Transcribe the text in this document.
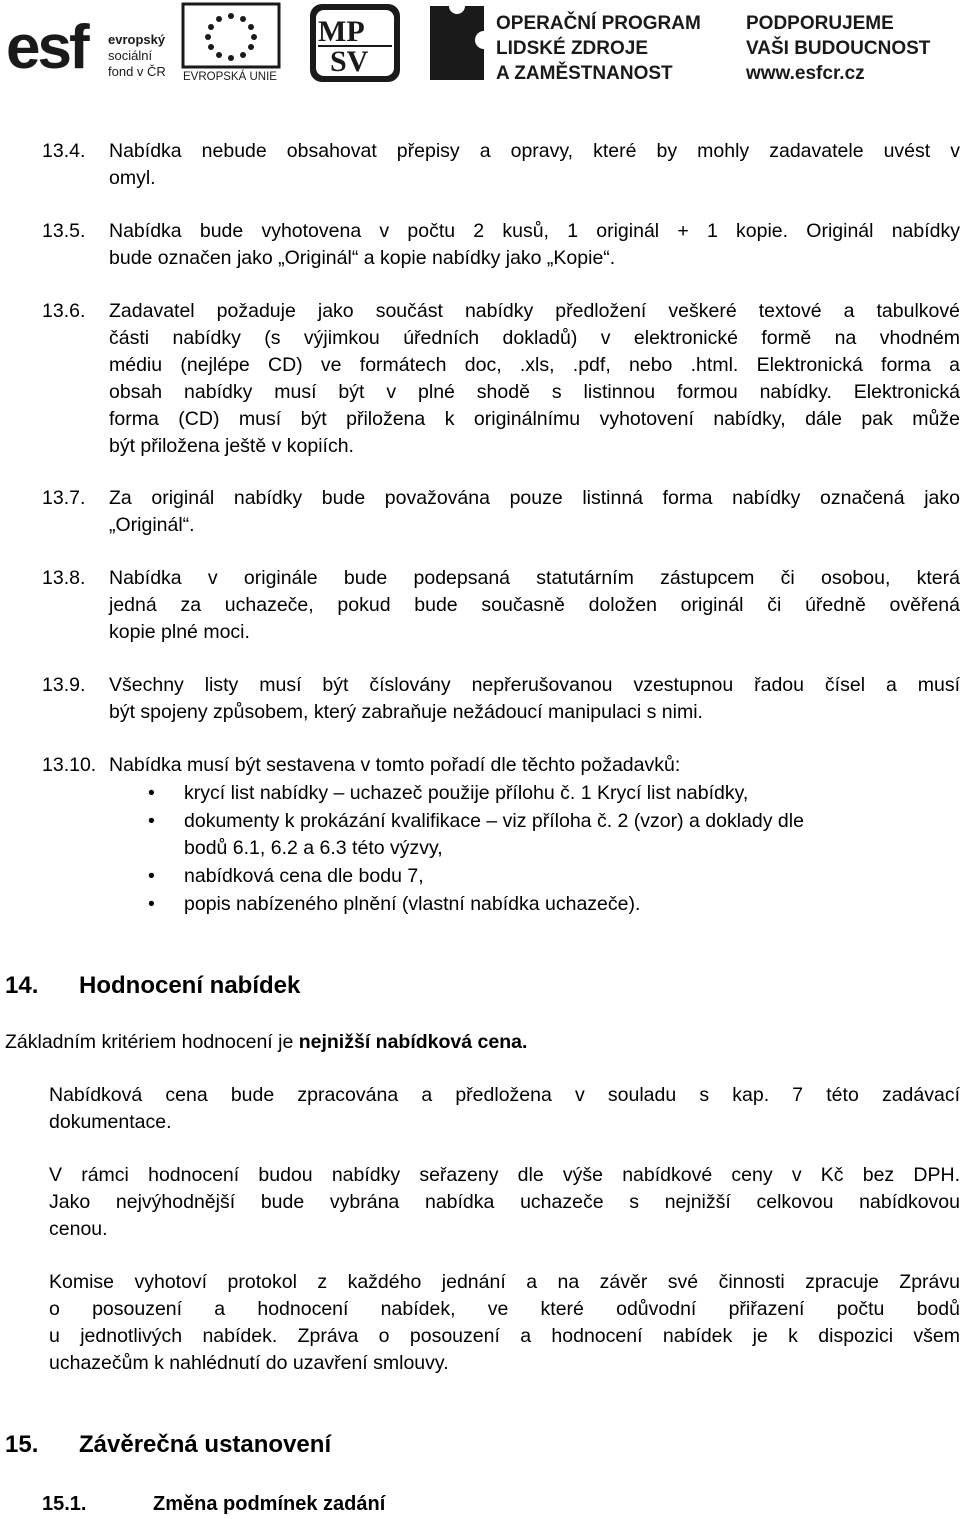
esf evropský
sociální
fond v ČR EVROPSKÁ UNIE
MP
SV
OPERAČNÍ PROGRAM
LIDSKÉ ZDROJE
A ZAMĚSTNANOST
PODPORUJEME
VAŠI BUDOUCNOST
www.esfcr.cz
13.4. Nabídka nebude obsahovat přepisy a opravy, které by mohly zadavatele uvést v
omyl.
13.5. Nabídka bude vyhotovena v počtu 2 kusů, 1 originál + 1 kopie. Originál nabídky
bude označen jako „Originál“ a kopie nabídky jako „Kopie“.
13.6. Zadavatel požaduje jako součást nabídky předložení veškeré textové a tabulkové
části nabídky (s výjimkou úředních dokladů) v elektronické formě na vhodném
médiu (nejlépe CD) ve formátech doc, .xls, .pdf, nebo .html. Elektronická forma a
obsah nabídky musí být v plné shodě s listinnou formou nabídky. Elektronická
forma (CD) musí být přiložena k originálnímu vyhotovení nabídky, dále pak může
být přiložena ještě v kopiích.
13.7. Za originál nabídky bude považována pouze listinná forma nabídky označená jako
„Originál“.
13.8. Nabídka v originále bude podepsaná statutárním zástupcem či osobou, která
jedná za uchazeče, pokud bude současně doložen originál či úředně ověřená
kopie plné moci.
13.9. Všechny listy musí být číslovány nepřerušovanou vzestupnou řadou čísel a musí
být spojeny způsobem, který zabraňuje nežádoucí manipulaci s nimi.
13.10. Nabídka musí být sestavena v tomto pořadí dle těchto požadavků:
• krycí list nabídky – uchazeč použije přílohu č. 1 Krycí list nabídky,
• dokumenty k prokázání kvalifikace – viz příloha č. 2 (vzor) a doklady dle
bodů 6.1, 6.2 a 6.3 této výzvy,
• nabídková cena dle bodu 7,
• popis nabízeného plnění (vlastní nabídka uchazeče).
14. Hodnocení nabídek
Základním kritériem hodnocení je nejnižší nabídková cena.
Nabídková cena bude zpracována a předložena v souladu s kap. 7 této zadávací
dokumentace.
V rámci hodnocení budou nabídky seřazeny dle výše nabídkové ceny v Kč bez DPH.
Jako nejvýhodnější bude vybrána nabídka uchazeče s nejnižší celkovou nabídkovou
cenou.
Komise vyhotoví protokol z každého jednání a na závěr své činnosti zpracuje Zprávu
o posouzení a hodnocení nabídek, ve které odůvodní přiřazení počtu bodů
u jednotlivých nabídek. Zpráva o posouzení a hodnocení nabídek je k dispozici všem
uchazečům k nahlédnutí do uzavření smlouvy.
15. Závěrečná ustanovení
15.1.	Změna podmínek zadání
